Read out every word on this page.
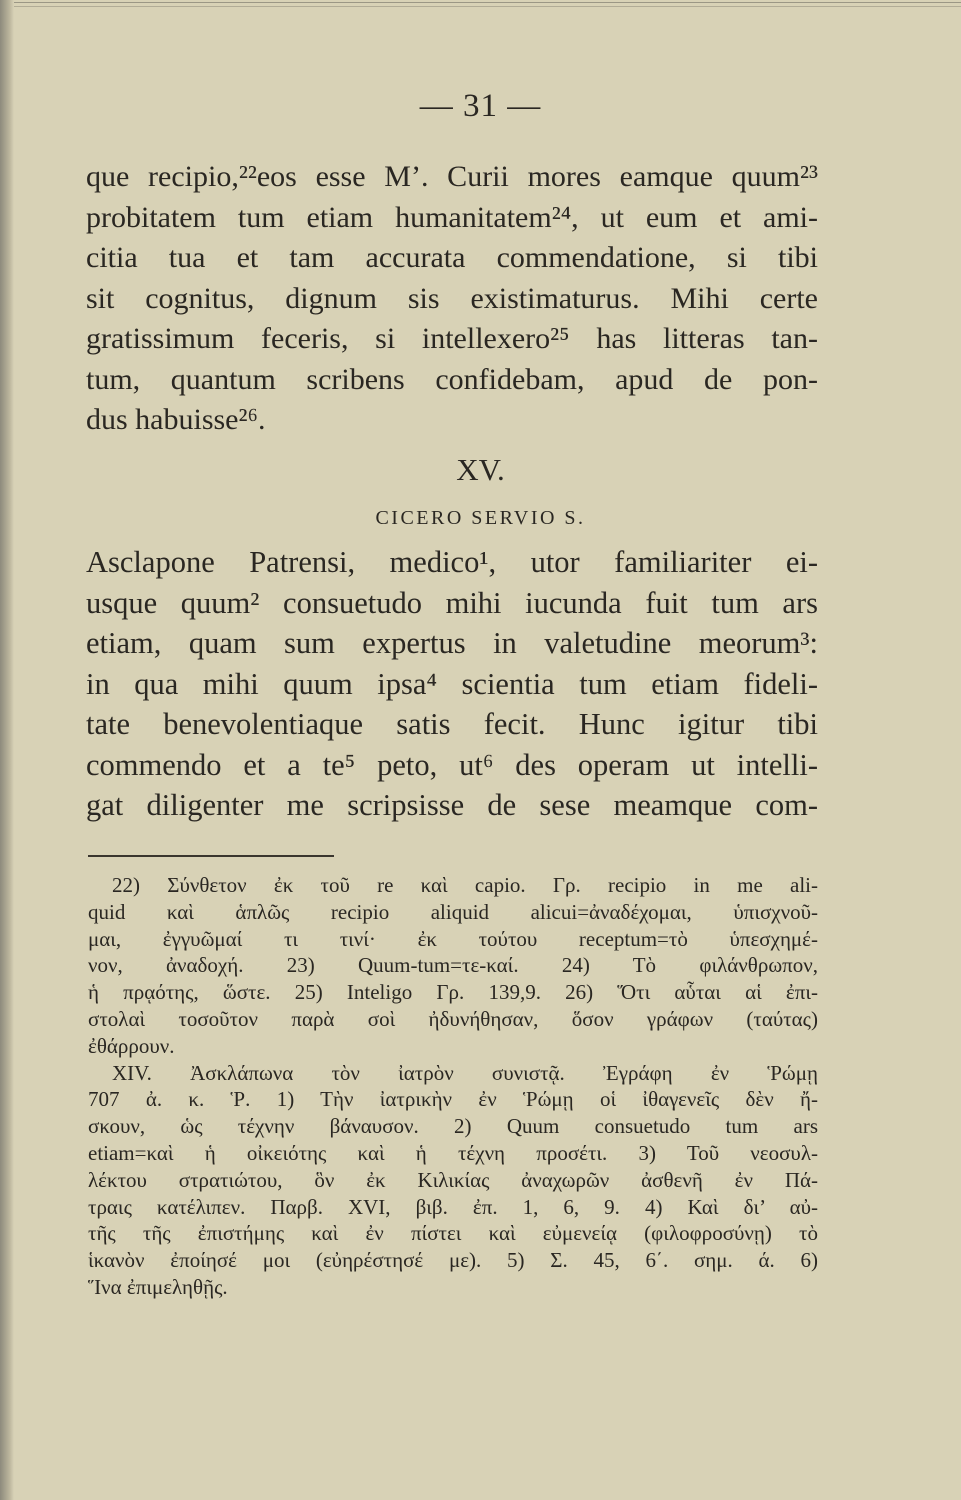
— 31 —
que recipio,²²eos esse M’. Curii mores eamque quum²³
probitatem tum etiam humanitatem²⁴, ut eum et ami-
citia tua et tam accurata commendatione, si tibi
sit cognitus, dignum sis existimaturus. Mihi certe
gratissimum feceris, si intellexero²⁵ has litteras tan-
tum, quantum scribens confidebam, apud de pon-
dus habuisse²⁶.
XV.
CICERO SERVIO S.
Asclapone Patrensi, medico¹, utor familiariter ei-
usque quum² consuetudo mihi iucunda fuit tum ars
etiam, quam sum expertus in valetudine meorum³:
in qua mihi quum ipsa⁴ scientia tum etiam fideli-
tate benevolentiaque satis fecit. Hunc igitur tibi
commendo et a te⁵ peto, ut⁶ des operam ut intelli-
gat diligenter me scripsisse de sese meamque com-
22) Σύνθετον ἐκ τοῦ re καὶ capio. Γρ. recipio in me ali-
quid καὶ ἁπλῶς recipio aliquid alicui=ἀναδέχομαι, ὑπισχνοῦ-
μαι, ἐγγυῶμαί τι τινί· ἐκ τούτου receptum=τὸ ὑπεσχημέ-
νον, ἀναδοχή. 23) Quum-tum=τε-καί. 24) Τὸ φιλάνθρωπον,
ἡ πρᾳότης, ὥστε. 25) Inteligo Γρ. 139,9. 26) Ὅτι αὗται αἱ ἐπι-
στολαὶ τοσοῦτον παρὰ σοὶ ἠδυνήθησαν, ὅσον γράφων (ταύτας)
ἐθάρρουν.
XIV. Ἀσκλάπωνα τὸν ἰατρὸν συνιστᾷ. Ἐγράφη ἐν Ῥώμῃ
707 ἀ. κ. Ῥ. 1) Τὴν ἰατρικὴν ἐν Ῥώμῃ οἱ ἰθαγενεῖς δὲν ἤ-
σκουν, ὡς τέχνην βάναυσον. 2) Quum consuetudo tum ars
etiam=καὶ ἡ οἰκειότης καὶ ἡ τέχνη προσέτι. 3) Τοῦ νεοσυλ-
λέκτου στρατιώτου, ὃν ἐκ Κιλικίας ἀναχωρῶν ἀσθενῆ ἐν Πά-
τραις κατέλιπεν. Παρβ. XVI, βιβ. ἐπ. 1, 6, 9. 4) Καὶ δι’ αὐ-
τῆς τῆς ἐπιστήμης καὶ ἐν πίστει καὶ εὐμενείᾳ (φιλοφροσύνῃ) τὸ
ἱκανὸν ἐποίησέ μοι (εὐηρέστησέ με). 5) Σ. 45, 6΄. σημ. ά. 6)
Ἵνα ἐπιμεληθῇς.
